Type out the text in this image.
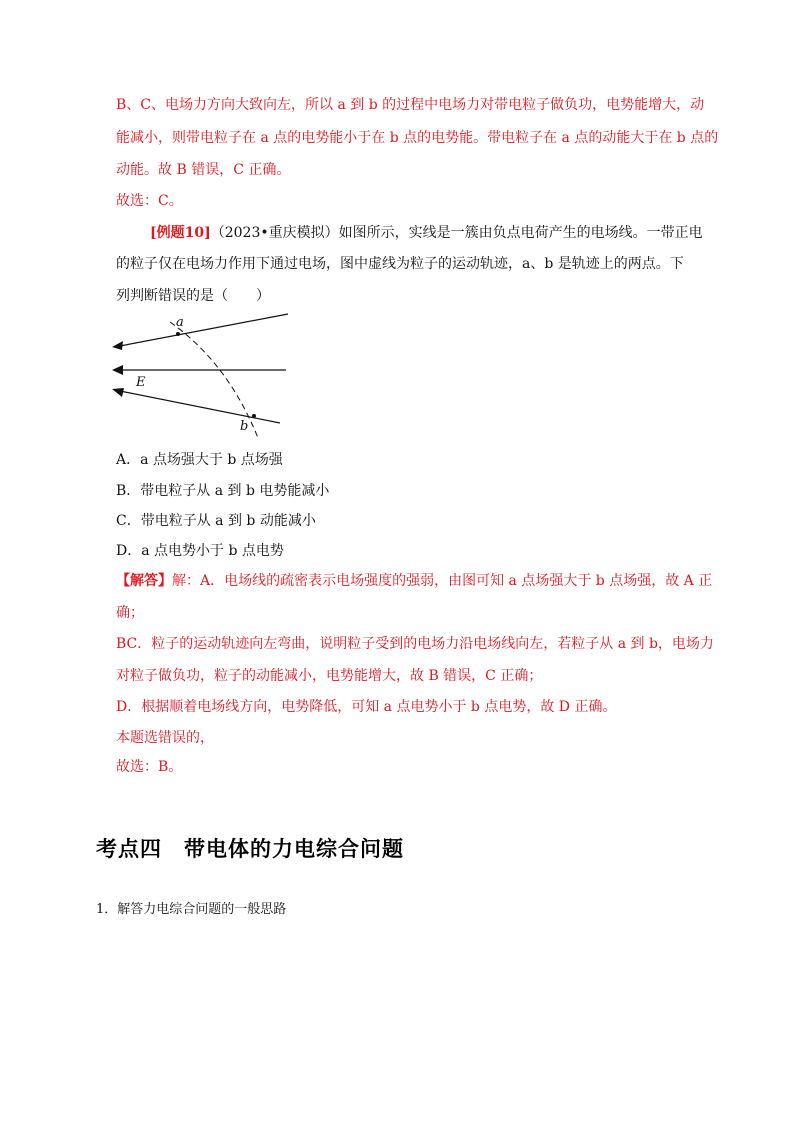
B、C、电场力方向大致向左，所以 a 到 b 的过程中电场力对带电粒子做负功，电势能增大，动
能减小，则带电粒子在 a 点的电势能小于在 b 点的电势能。带电粒子在 a 点的动能大于在 b 点的
动能。故 B 错误，C 正确。
故选：C。
[例题10]（2023•重庆模拟）如图所示，实线是一簇由负点电荷产生的电场线。一带正电
的粒子仅在电场力作用下通过电场，图中虚线为粒子的运动轨迹，a、b 是轨迹上的两点。下
列判断错误的是（　　）
a
b
E
A．a 点场强大于 b 点场强
B．带电粒子从 a 到 b 电势能减小
C．带电粒子从 a 到 b 动能减小
D．a 点电势小于 b 点电势
【解答】解：A．电场线的疏密表示电场强度的强弱，由图可知 a 点场强大于 b 点场强，故 A 正
确；
BC．粒子的运动轨迹向左弯曲，说明粒子受到的电场力沿电场线向左，若粒子从 a 到 b，电场力
对粒子做负功，粒子的动能减小，电势能增大，故 B 错误，C 正确；
D．根据顺着电场线方向，电势降低，可知 a 点电势小于 b 点电势，故 D 正确。
本题选错误的，
故选：B。
考点四　带电体的力电综合问题
1．解答力电综合问题的一般思路
